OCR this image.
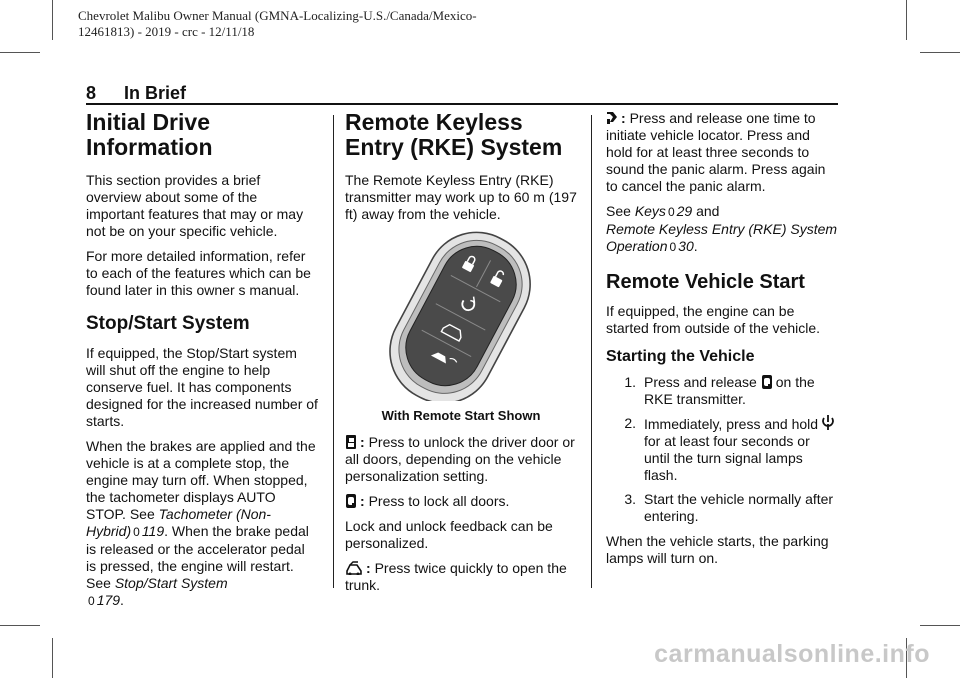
Chevrolet Malibu Owner Manual (GMNA-Localizing-U.S./Canada/Mexico-
12461813) - 2019 - crc - 12/11/18
8 In Brief
Initial Drive Information

This section provides a brief overview about some of the important features that may or may not be on your specific vehicle.

For more detailed information, refer to each of the features which can be found later in this owner s manual.

Stop/Start System

If equipped, the Stop/Start system will shut off the engine to help conserve fuel. It has components designed for the increased number of starts.

When the brakes are applied and the vehicle is at a complete stop, the engine may turn off. When stopped, the tachometer displays AUTO STOP. See Tachometer (Non-Hybrid) 0 119. When the brake pedal is released or the accelerator pedal is pressed, the engine will restart. See Stop/Start System
0 179.

Remote Keyless Entry (RKE) System

The Remote Keyless Entry (RKE) transmitter may work up to 60 m (197 ft) away from the vehicle.

With Remote Start Shown

: Press to unlock the driver door or all doors, depending on the vehicle personalization setting.

: Press to lock all doors.

Lock and unlock feedback can be personalized.

: Press twice quickly to open the trunk.

: Press and release one time to initiate vehicle locator. Press and hold for at least three seconds to sound the panic alarm. Press again to cancel the panic alarm.

See Keys 0 29 and
Remote Keyless Entry (RKE) System Operation 0 30.

Remote Vehicle Start

If equipped, the engine can be started from outside of the vehicle.

Starting the Vehicle
1. Press and release on the RKE transmitter.
2. Immediately, press and hold for at least four seconds or until the turn signal lamps flash.
3. Start the vehicle normally after entering.

When the vehicle starts, the parking lamps will turn on.

carmanualsonline.info
